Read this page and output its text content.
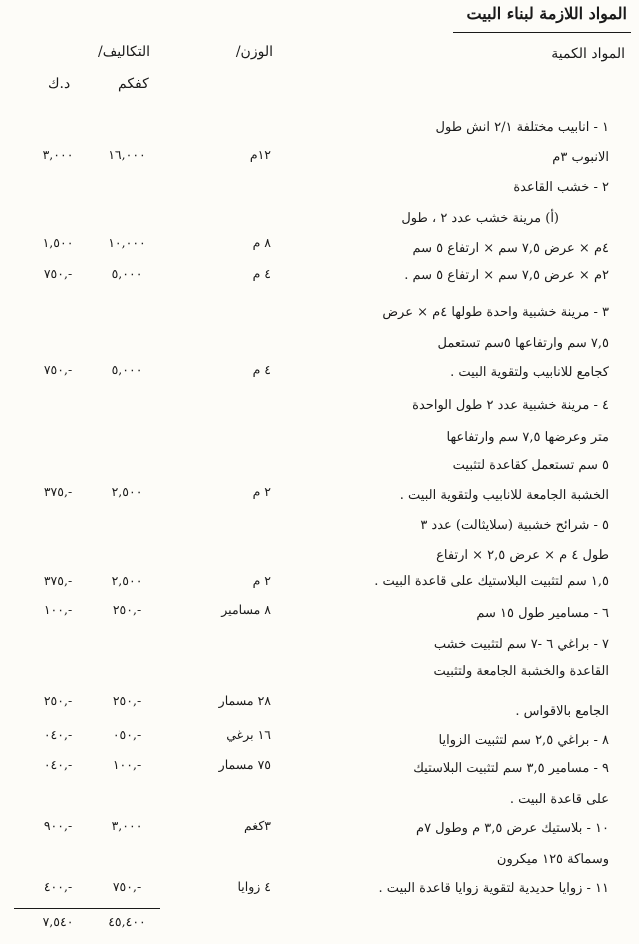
المواد اللازمة لبناء البيت
المواد الكمية
الوزن/
التكاليف/
كفكم
د.ك
١ - انابيب مختلفة ٢/١ انش طول
الانبوب ٣م
٢ - خشب القاعدة
(أ) مرينة خشب عدد ٢ ، طول
٤م × عرض ٧,٥ سم × ارتفاع ٥ سم
٢م × عرض ٧,٥ سم × ارتفاع ٥ سم .
٣ - مرينة خشبية واحدة طولها ٤م × عرض
٧,٥ سم وارتفاعها ٥سم تستعمل
كجامع للانابيب ولتقوية البيت .
٤ - مرينة خشبية عدد ٢ طول الواحدة
متر وعرضها ٧,٥ سم وارتفاعها
٥ سم تستعمل كقاعدة لتثبيت
الخشبة الجامعة للانابيب ولتقوية البيت .
٥ - شرائح خشبية (سلايثالت) عدد ٣
طول ٤ م × عرض ٢,٥ × ارتفاع
١,٥ سم لتثبيت البلاستيك على قاعدة البيت .
٦ - مسامير طول ١٥ سم
٧ - براغي ٦ -٧ سم لتثبيت خشب
القاعدة والخشبة الجامعة ولتثبيت
الجامع بالاقواس .
٨ - براغي ٢,٥ سم لتثبيت الزوايا
٩ - مسامير ٣,٥ سم لتثبيت البلاستيك
على قاعدة البيت .
١٠ - بلاستيك عرض ٣,٥ م وطول ٧م
وسماكة ١٢٥ ميكرون
١١ - زوايا حديدية لتقوية زوايا قاعدة البيت .
١٢م
١٦,٠٠٠
٣,٠٠٠
٨ م
١٠,٠٠٠
١,٥٠٠
٤ م
٥,٠٠٠
-,٧٥٠
٤ م
٥,٠٠٠
-,٧٥٠
٢ م
٢,٥٠٠
-,٣٧٥
٢ م
٢,٥٠٠
-,٣٧٥
٨ مسامير
-,٢٥٠
-,١٠٠
٢٨ مسمار
-,٢٥٠
-,٢٥٠
١٦ برغي
-,٠٥٠
-,٠٤٠
٧٥ مسمار
-,١٠٠
-,٠٤٠
٣كغم
٣,٠٠٠
-,٩٠٠
٤ زوايا
-,٧٥٠
-,٤٠٠
٤٥,٤٠٠
٧,٥٤٠
